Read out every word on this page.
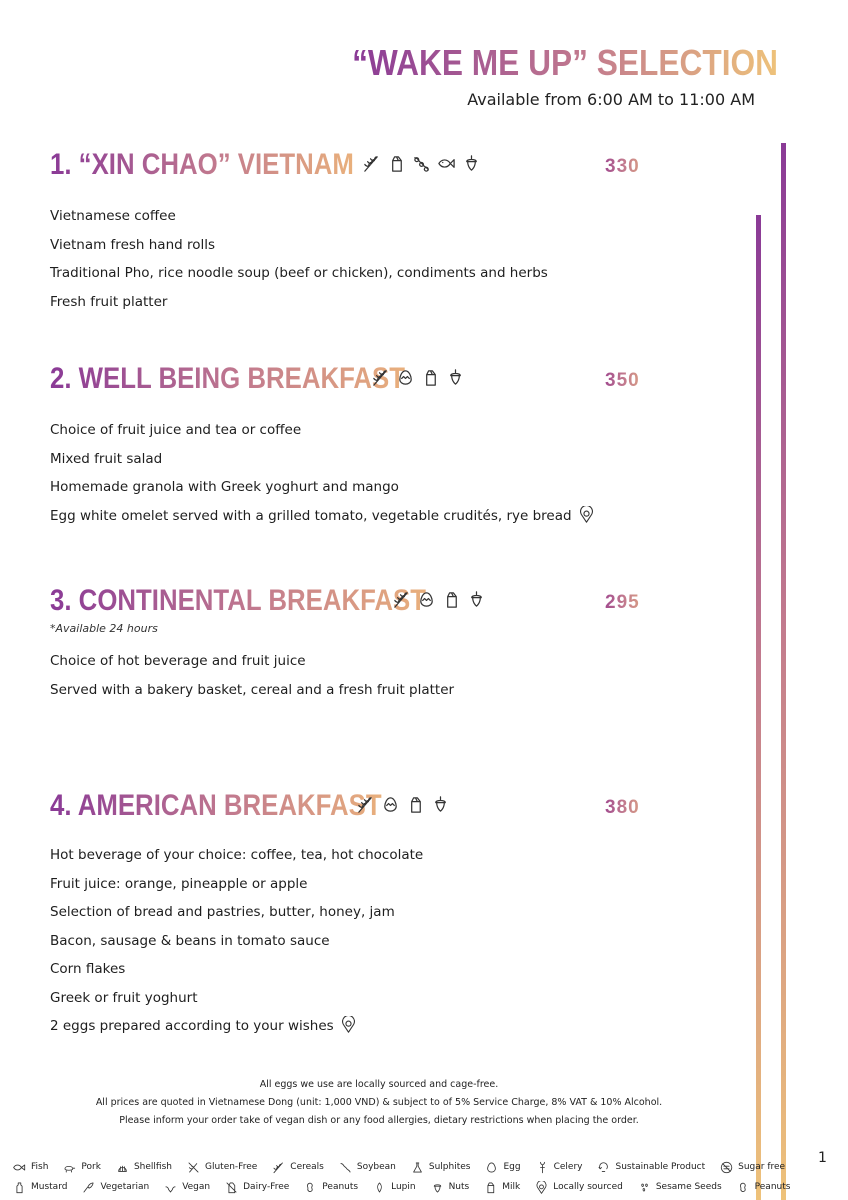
“WAKE ME UP” SELECTION
Available from 6:00 AM to 11:00 AM
1. “XIN CHAO” VIETNAM	330
Vietnamese coffee
Vietnam fresh hand rolls
Traditional Pho, rice noodle soup (beef or chicken), condiments and herbs
Fresh fruit platter
2. WELL BEING BREAKFAST	350
Choice of fruit juice and tea or coffee
Mixed fruit salad
Homemade granola with Greek yoghurt and mango
Egg white omelet served with a grilled tomato, vegetable crudités, rye bread
3. CONTINENTAL BREAKFAST	295
*Available 24 hours
Choice of hot beverage and fruit juice
Served with a bakery basket, cereal and a fresh fruit platter
4. AMERICAN BREAKFAST	380
Hot beverage of your choice: coffee, tea, hot chocolate
Fruit juice: orange, pineapple or apple
Selection of bread and pastries, butter, honey, jam
Bacon, sausage & beans in tomato sauce
Corn flakes
Greek or fruit yoghurt
2 eggs prepared according to your wishes
All eggs we use are locally sourced and cage-free.
All prices are quoted in Vietnamese Dong (unit: 1,000 VND) & subject to of 5% Service Charge, 8% VAT & 10% Alcohol.
Please inform your order take of vegan dish or any food allergies, dietary restrictions when placing the order.
Fish	Pork	Shellfish	Gluten-Free	Cereals	Soybean	Sulphites	Egg	Celery	Sustainable Product	Sugar free
Mustard	Vegetarian	Vegan	Dairy-Free	Peanuts	Lupin	Nuts	Milk	Locally sourced	Sesame Seeds	Peanuts
1
